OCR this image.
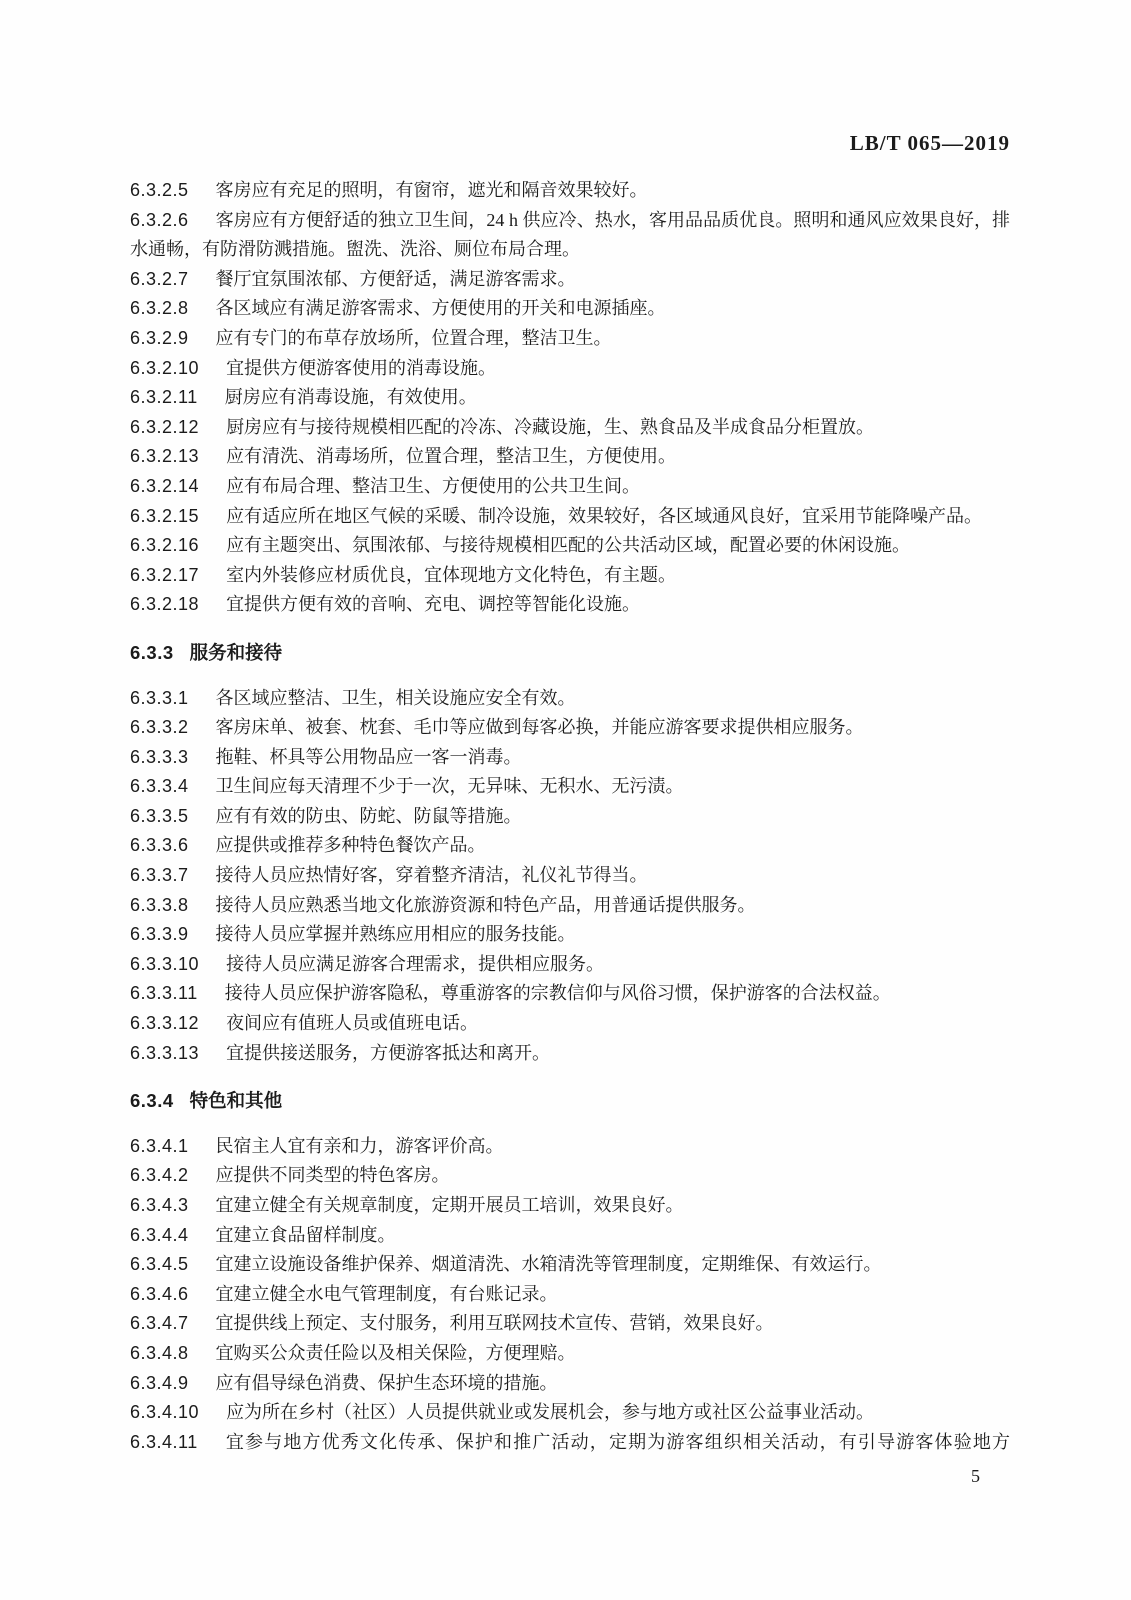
LB/T 065—2019

6.3.2.5 客房应有充足的照明，有窗帘，遮光和隔音效果较好。

6.3.2.6 客房应有方便舒适的独立卫生间，24 h 供应冷、热水，客用品品质优良。照明和通风应效果良好，排水通畅，有防滑防溅措施。盥洗、洗浴、厕位布局合理。

6.3.2.7 餐厅宜氛围浓郁、方便舒适，满足游客需求。

6.3.2.8 各区域应有满足游客需求、方便使用的开关和电源插座。

6.3.2.9 应有专门的布草存放场所，位置合理，整洁卫生。

6.3.2.10 宜提供方便游客使用的消毒设施。

6.3.2.11 厨房应有消毒设施，有效使用。

6.3.2.12 厨房应有与接待规模相匹配的冷冻、冷藏设施，生、熟食品及半成食品分柜置放。

6.3.2.13 应有清洗、消毒场所，位置合理，整洁卫生，方便使用。

6.3.2.14 应有布局合理、整洁卫生、方便使用的公共卫生间。

6.3.2.15 应有适应所在地区气候的采暖、制冷设施，效果较好，各区域通风良好，宜采用节能降噪产品。

6.3.2.16 应有主题突出、氛围浓郁、与接待规模相匹配的公共活动区域，配置必要的休闲设施。

6.3.2.17 室内外装修应材质优良，宜体现地方文化特色，有主题。

6.3.2.18 宜提供方便有效的音响、充电、调控等智能化设施。

6.3.3 服务和接待

6.3.3.1 各区域应整洁、卫生，相关设施应安全有效。

6.3.3.2 客房床单、被套、枕套、毛巾等应做到每客必换，并能应游客要求提供相应服务。

6.3.3.3 拖鞋、杯具等公用物品应一客一消毒。

6.3.3.4 卫生间应每天清理不少于一次，无异味、无积水、无污渍。

6.3.3.5 应有有效的防虫、防蛇、防鼠等措施。

6.3.3.6 应提供或推荐多种特色餐饮产品。

6.3.3.7 接待人员应热情好客，穿着整齐清洁，礼仪礼节得当。

6.3.3.8 接待人员应熟悉当地文化旅游资源和特色产品，用普通话提供服务。

6.3.3.9 接待人员应掌握并熟练应用相应的服务技能。

6.3.3.10 接待人员应满足游客合理需求，提供相应服务。

6.3.3.11 接待人员应保护游客隐私，尊重游客的宗教信仰与风俗习惯，保护游客的合法权益。

6.3.3.12 夜间应有值班人员或值班电话。

6.3.3.13 宜提供接送服务，方便游客抵达和离开。

6.3.4 特色和其他

6.3.4.1 民宿主人宜有亲和力，游客评价高。

6.3.4.2 应提供不同类型的特色客房。

6.3.4.3 宜建立健全有关规章制度，定期开展员工培训，效果良好。

6.3.4.4 宜建立食品留样制度。

6.3.4.5 宜建立设施设备维护保养、烟道清洗、水箱清洗等管理制度，定期维保、有效运行。

6.3.4.6 宜建立健全水电气管理制度，有台账记录。

6.3.4.7 宜提供线上预定、支付服务，利用互联网技术宣传、营销，效果良好。

6.3.4.8 宜购买公众责任险以及相关保险，方便理赔。

6.3.4.9 应有倡导绿色消费、保护生态环境的措施。

6.3.4.10 应为所在乡村（社区）人员提供就业或发展机会，参与地方或社区公益事业活动。

6.3.4.11 宜参与地方优秀文化传承、保护和推广活动，定期为游客组织相关活动，有引导游客体验地方

5
